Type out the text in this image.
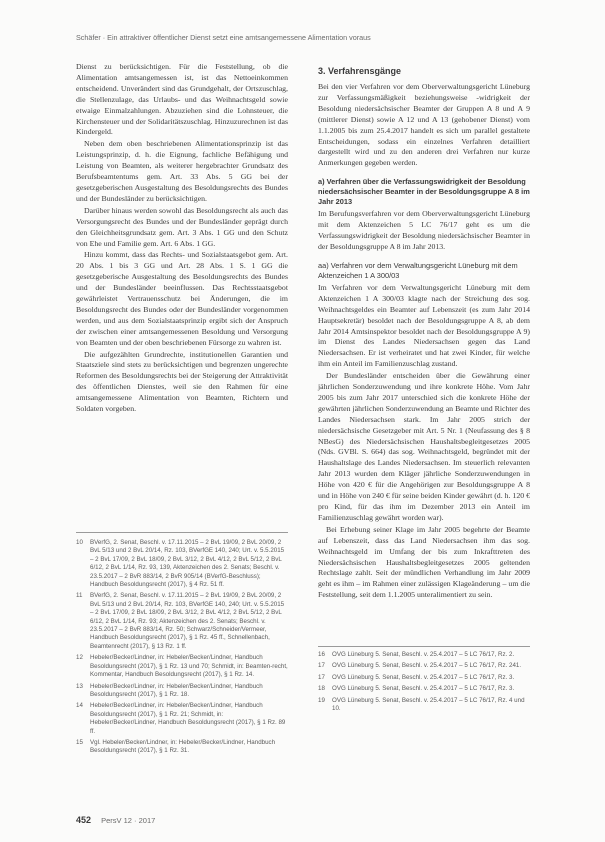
Schäfer · Ein attraktiver öffentlicher Dienst setzt eine amtsangemessene Alimentation voraus

Dienst zu berücksichtigen. Für die Feststellung, ob die Alimentation amtsangemessen ist, ist das Nettoeinkommen entscheidend. Unverändert sind das Grundgehalt, der Ortszuschlag, die Stellenzulage, das Urlaubs- und das Weihnachtsgeld sowie etwaige Einmalzahlungen. Abzuziehen sind die Lohnsteuer, die Kirchensteuer und der Solidaritätszuschlag. Hinzuzurechnen ist das Kindergeld.

Neben dem oben beschriebenen Alimentationsprinzip ist das Leistungsprinzip, d. h. die Eignung, fachliche Befähigung und Leistung von Beamten, als weiterer hergebrachter Grundsatz des Berufsbeamtentums gem. Art. 33 Abs. 5 GG bei der gesetzgeberischen Ausgestaltung des Besoldungsrechts des Bundes und der Bundesländer zu berücksichtigen.

Darüber hinaus werden sowohl das Besoldungsrecht als auch das Versorgungsrecht des Bundes und der Bundesländer geprägt durch den Gleichheitsgrundsatz gem. Art. 3 Abs. 1 GG und den Schutz von Ehe und Familie gem. Art. 6 Abs. 1 GG.

Hinzu kommt, dass das Rechts- und Sozialstaatsgebot gem. Art. 20 Abs. 1 bis 3 GG und Art. 28 Abs. 1 S. 1 GG die gesetzgeberische Ausgestaltung des Besoldungsrechts des Bundes und der Bundesländer beeinflussen. Das Rechtsstaatsgebot gewährleistet Vertrauensschutz bei Änderungen, die im Besoldungsrecht des Bundes oder der Bundesländer vorgenommen werden, und aus dem Sozialstaatsprinzip ergibt sich der Anspruch der zwischen einer amtsangemessenen Besoldung und Versorgung von Beamten und der oben beschriebenen Fürsorge zu wahren ist.

Die aufgezählten Grundrechte, institutionellen Garantien und Staatsziele sind stets zu berücksichtigen und begrenzen ungerechte Reformen des Besoldungsrechts bei der Steigerung der Attraktivität des öffentlichen Dienstes, weil sie den Rahmen für eine amtsangemessene Alimentation von Beamten, Richtern und Soldaten vorgeben.

10	BVerfG, 2. Senat, Beschl. v. 17.11.2015 – 2 BvL 19/09, 2 BvL 20/09, 2 BvL 5/13 und 2 BvL 20/14, Rz. 103, BVerfGE 140, 240; Urt. v. 5.5.2015 – 2 BvL 17/09, 2 BvL 18/09, 2 BvL 3/12, 2 BvL 4/12, 2 BvL 5/12, 2 BvL 6/12, 2 BvL 1/14, Rz. 93, 139, Aktenzeichen des 2. Senats; Beschl. v. 23.5.2017 – 2 BvR 883/14, 2 BvR 905/14 (BVerfG-Beschluss); Handbuch Besoldungsrecht (2017), § 4 Rz. 51 ff.
11	BVerfG, 2. Senat, Beschl. v. 17.11.2015 – 2 BvL 19/09, 2 BvL 20/09, 2 BvL 5/13 und 2 BvL 20/14, Rz. 103, BVerfGE 140, 240; Urt. v. 5.5.2015 – 2 BvL 17/09, 2 BvL 18/09, 2 BvL 3/12, 2 BvL 4/12, 2 BvL 5/12, 2 BvL 6/12, 2 BvL 1/14, Rz. 93; Aktenzeichen des 2. Senats; Beschl. v. 23.5.2017 – 2 BvR 883/14, Rz. 50; Schwarz/Schneider/Vermeer, Handbuch Besoldungsrecht (2017), § 1 Rz. 45 ff., Schnellenbach, Beamtenrecht (2017), § 13 Rz. 1 ff.
12	Hebeler/Becker/Lindner, in: Hebeler/Becker/Lindner, Handbuch Besoldungsrecht (2017), § 1 Rz. 13 und 70; Schmidt, in: Beamten-recht, Kommentar, Handbuch Besoldungsrecht (2017), § 1 Rz. 14.
13	Hebeler/Becker/Lindner, in: Hebeler/Becker/Lindner, Handbuch Besoldungsrecht (2017), § 1 Rz. 18.
14	Hebeler/Becker/Lindner, in: Hebeler/Becker/Lindner, Handbuch Besoldungsrecht (2017), § 1 Rz. 21; Schmidt, in: Hebeler/Becker/Lindner, Handbuch Besoldungsrecht (2017), § 1 Rz. 89 ff.
15	Vgl. Hebeler/Becker/Lindner, in: Hebeler/Becker/Lindner, Handbuch Besoldungsrecht (2017), § 1 Rz. 31.
3. Verfahrensgänge

Bei den vier Verfahren vor dem Oberverwaltungsgericht Lüneburg zur Verfassungsmäßigkeit beziehungsweise -widrigkeit der Besoldung niedersächsischer Beamter der Gruppen A 8 und A 9 (mittlerer Dienst) sowie A 12 und A 13 (gehobener Dienst) vom 1.1.2005 bis zum 25.4.2017 handelt es sich um parallel gestaltete Entscheidungen, sodass ein einzelnes Verfahren detailliert dargestellt wird und zu den anderen drei Verfahren nur kurze Anmerkungen gegeben werden.

a) Verfahren über die Verfassungswidrigkeit der Besoldung niedersächsischer Beamter in der Besoldungsgruppe A 8 im Jahr 2013

Im Berufungsverfahren vor dem Oberverwaltungsgericht Lüneburg mit dem Aktenzeichen 5 LC 76/17 geht es um die Verfassungswidrigkeit der Besoldung niedersächsischer Beamter in der Besoldungsgruppe A 8 im Jahr 2013.

aa) Verfahren vor dem Verwaltungsgericht Lüneburg mit dem Aktenzeichen 1 A 300/03

Im Verfahren vor dem Verwaltungsgericht Lüneburg mit dem Aktenzeichen 1 A 300/03 klagte nach der Streichung des sog. Weihnachtsgeldes ein Beamter auf Lebenszeit (es zum Jahr 2014 Hauptsekretär) besoldet nach der Besoldungsgruppe A 8, ab dem Jahr 2014 Amtsinspektor besoldet nach der Besoldungsgruppe A 9) im Dienst des Landes Niedersachsen gegen das Land Niedersachsen. Er ist verheiratet und hat zwei Kinder, für welche ihm ein Anteil im Familienzuschlag zustand.

Der Bundesländer entscheiden über die Gewährung einer jährlichen Sonderzuwendung und ihre konkrete Höhe. Vom Jahr 2005 bis zum Jahr 2017 unterschied sich die konkrete Höhe der gewährten jährlichen Sonderzuwendung an Beamte und Richter des Landes Niedersachsen stark. Im Jahr 2005 strich der niedersächsische Gesetzgeber mit Art. 5 Nr. 1 (Neufassung des § 8 NBesG) des Niedersächsischen Haushaltsbegleitgesetzes 2005 (Nds. GVBl. S. 664) das sog. Weihnachtsgeld, begründet mit der Haushaltslage des Landes Niedersachsen. Im steuerlich relevanten Jahr 2013 wurden dem Kläger jährliche Sonderzuwendungen in Höhe von 420 € für die Angehörigen zur Besoldungsgruppe A 8 und in Höhe von 240 € für seine beiden Kinder gewährt (d. h. 120 € pro Kind, für das ihm im Dezember 2013 ein Anteil im Familienzuschlag gewährt worden war).

Bei Erhebung seiner Klage im Jahr 2005 begehrte der Beamte auf Lebenszeit, dass das Land Niedersachsen ihm das sog. Weihnachtsgeld im Umfang der bis zum Inkrafttreten des Niedersächsischen Haushaltsbegleitgesetzes 2005 geltenden Rechtslage zahlt. Seit der mündlichen Verhandlung im Jahr 2009 geht es ihm – im Rahmen einer zulässigen Klageänderung – um die Feststellung, seit dem 1.1.2005 unteralimentiert zu sein.

16	OVG Lüneburg 5. Senat, Beschl. v. 25.4.2017 – 5 LC 76/17, Rz. 2.
17	OVG Lüneburg 5. Senat, Beschl. v. 25.4.2017 – 5 LC 76/17, Rz. 241.
17	OVG Lüneburg 5. Senat, Beschl. v. 25.4.2017 – 5 LC 76/17, Rz. 3.
18	OVG Lüneburg 5. Senat, Beschl. v. 25.4.2017 – 5 LC 76/17, Rz. 3.
19	OVG Lüneburg 5. Senat, Beschl. v. 25.4.2017 – 5 LC 76/17, Rz. 4 und 10.
452 PersV 12 · 2017
